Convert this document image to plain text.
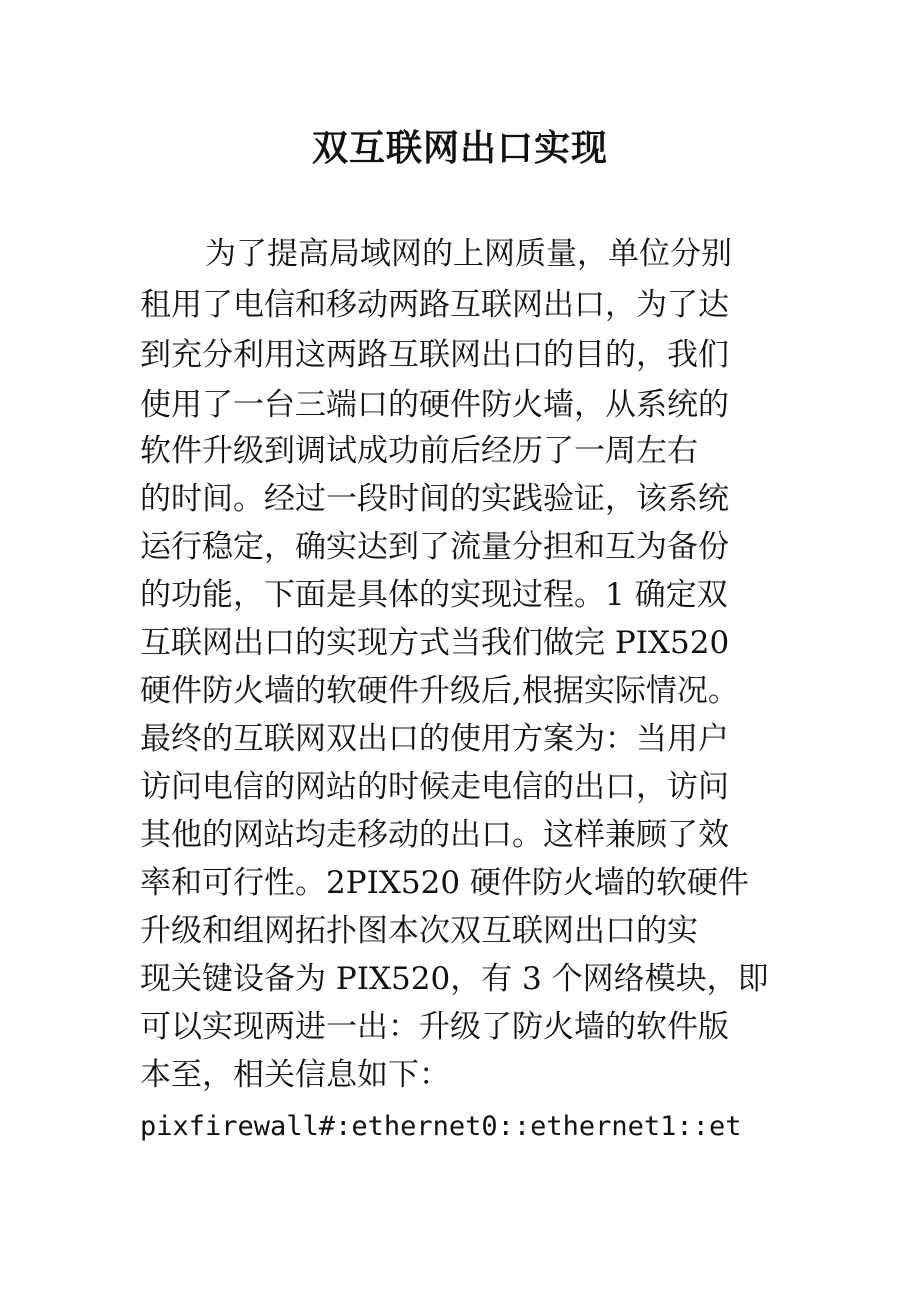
双互联网出口实现
为了提高局域网的上网质量，单位分别
租用了电信和移动两路互联网出口，为了达
到充分利用这两路互联网出口的目的，我们
使用了一台三端口的硬件防火墙，从系统的
软件升级到调试成功前后经历了一周左右
的时间。经过一段时间的实践验证，该系统
运行稳定，确实达到了流量分担和互为备份
的功能，下面是具体的实现过程。1 确定双
互联网出口的实现方式当我们做完 PIX520
硬件防火墙的软硬件升级后,根据实际情况。
最终的互联网双出口的使用方案为：当用户
访问电信的网站的时候走电信的出口，访问
其他的网站均走移动的出口。这样兼顾了效
率和可行性。2PIX520 硬件防火墙的软硬件
升级和组网拓扑图本次双互联网出口的实
现关键设备为 PIX520，有 3 个网络模块，即
可以实现两进一出：升级了防火墙的软件版
本至，相关信息如下：
pixfirewall#:ethernet0::ethernet1::et
